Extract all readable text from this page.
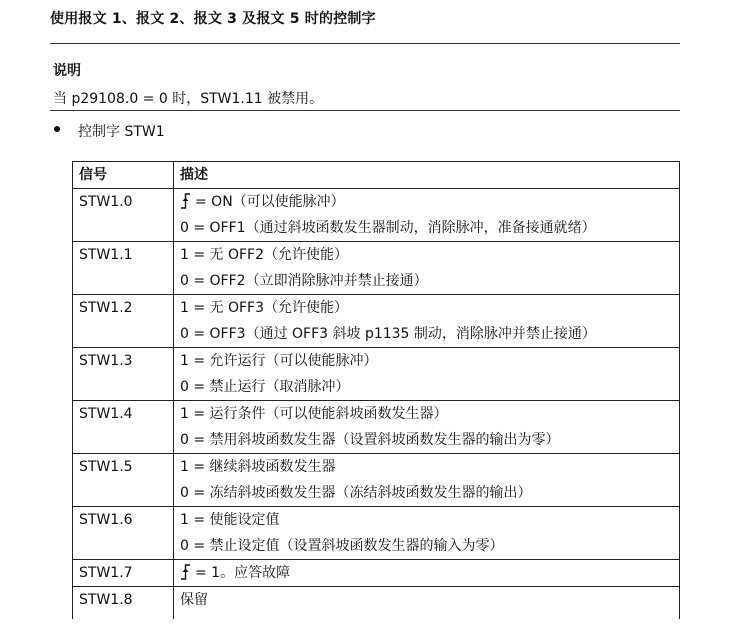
使用报文 1、报文 2、报文 3 及报文 5 时的控制字
说明
当 p29108.0 = 0 时，STW1.11 被禁用。
控制字 STW1
信号	描述
STW1.0	= ON（可以使能脉冲）
0 = OFF1（通过斜坡函数发生器制动，消除脉冲，准备接通就绪）

STW1.1	1 = 无 OFF2（允许使能）
0 = OFF2（立即消除脉冲并禁止接通）

STW1.2	1 = 无 OFF3（允许使能）
0 = OFF3（通过 OFF3 斜坡 p1135 制动，消除脉冲并禁止接通）

STW1.3	1 = 允许运行（可以使能脉冲）
0 = 禁止运行（取消脉冲）

STW1.4	1 = 运行条件（可以使能斜坡函数发生器）
0 = 禁用斜坡函数发生器（设置斜坡函数发生器的输出为零）

STW1.5	1 = 继续斜坡函数发生器
0 = 冻结斜坡函数发生器（冻结斜坡函数发生器的输出）

STW1.6	1 = 使能设定值
0 = 禁止设定值（设置斜坡函数发生器的输入为零）

STW1.7	= 1。应答故障

STW1.8	保留
